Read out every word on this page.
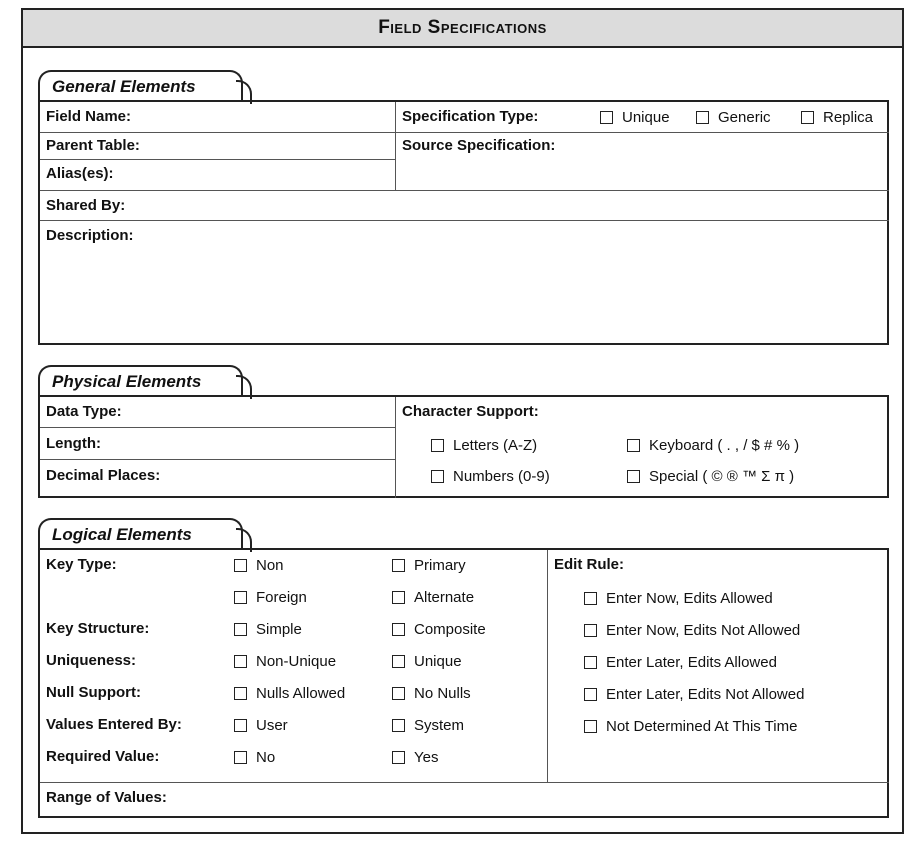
Field Specifications
General Elements
Field Name:	Specification Type:	Unique	Generic	Replica
Parent Table:	Source Specification:
Alias(es):
Shared By:
Description:
Physical Elements
Data Type:
Length:
Decimal Places:
Character Support:
Letters (A-Z)	Keyboard ( . , / $ # % )
Numbers (0-9)	Special ( © ® ™ Σ π )
Logical Elements
Key Type:	Non	Primary
Foreign	Alternate
Key Structure:	Simple	Composite
Uniqueness:	Non-Unique	Unique
Null Support:	Nulls Allowed	No Nulls
Values Entered By:	User	System
Required Value:	No	Yes
Edit Rule:
Enter Now, Edits Allowed
Enter Now, Edits Not Allowed
Enter Later, Edits Allowed
Enter Later, Edits Not Allowed
Not Determined At This Time
Range of Values:
